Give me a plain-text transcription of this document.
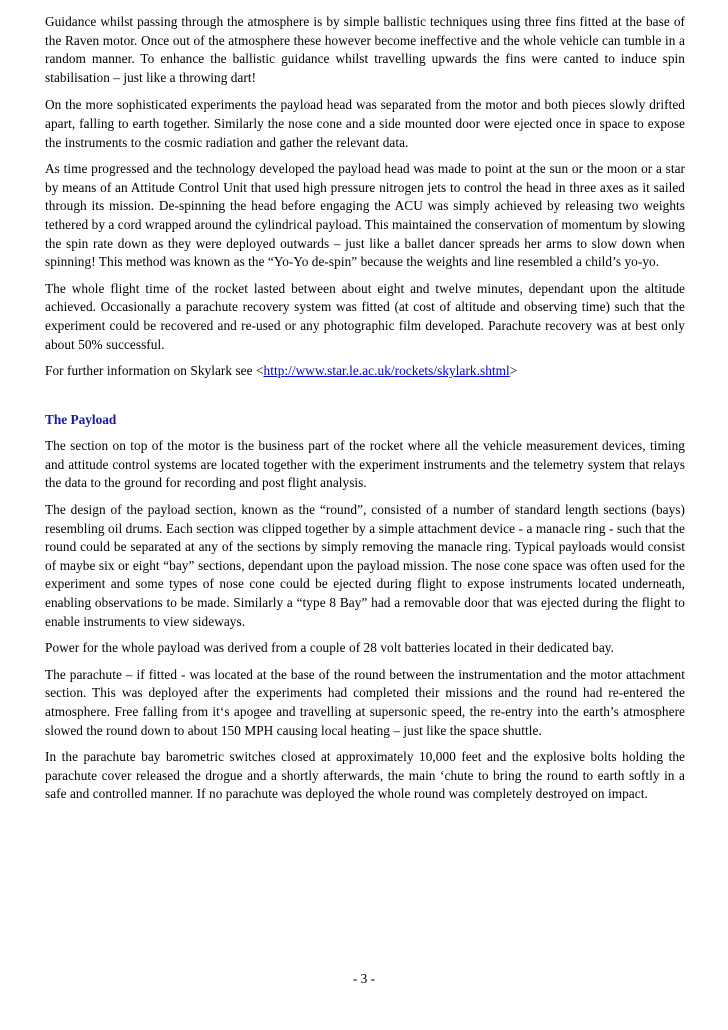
Guidance whilst passing through the atmosphere is by simple ballistic techniques using three fins fitted at the base of the Raven motor. Once out of the atmosphere these however become ineffective and the whole vehicle can tumble in a random manner. To enhance the ballistic guidance whilst travelling upwards the fins were canted to induce spin stabilisation – just like a throwing dart!

On the more sophisticated experiments the payload head was separated from the motor and both pieces slowly drifted apart, falling to earth together. Similarly the nose cone and a side mounted door were ejected once in space to expose the instruments to the cosmic radiation and gather the relevant data.

As time progressed and the technology developed the payload head was made to point at the sun or the moon or a star by means of an Attitude Control Unit that used high pressure nitrogen jets to control the head in three axes as it sailed through its mission. De-spinning the head before engaging the ACU was simply achieved by releasing two weights tethered by a cord wrapped around the cylindrical payload. This maintained the conservation of momentum by slowing the spin rate down as they were deployed outwards – just like a ballet dancer spreads her arms to slow down when spinning! This method was known as the “Yo-Yo de-spin” because the weights and line resembled a child’s yo-yo.

The whole flight time of the rocket lasted between about eight and twelve minutes, dependant upon the altitude achieved. Occasionally a parachute recovery system was fitted (at cost of altitude and observing time) such that the experiment could be recovered and re-used or any photographic film developed. Parachute recovery was at best only about 50% successful.

For further information on Skylark see <http://www.star.le.ac.uk/rockets/skylark.shtml>

The Payload

The section on top of the motor is the business part of the rocket where all the vehicle measurement devices, timing and attitude control systems are located together with the experiment instruments and the telemetry system that relays the data to the ground for recording and post flight analysis.

The design of the payload section, known as the “round”, consisted of a number of standard length sections (bays) resembling oil drums. Each section was clipped together by a simple attachment device - a manacle ring - such that the round could be separated at any of the sections by simply removing the manacle ring. Typical payloads would consist of maybe six or eight “bay” sections, dependant upon the payload mission. The nose cone space was often used for the experiment and some types of nose cone could be ejected during flight to expose instruments located underneath, enabling observations to be made. Similarly a “type 8 Bay” had a removable door that was ejected during the flight to enable instruments to view sideways.

Power for the whole payload was derived from a couple of 28 volt batteries located in their dedicated bay.

The parachute – if fitted - was located at the base of the round between the instrumentation and the motor attachment section. This was deployed after the experiments had completed their missions and the round had re-entered the atmosphere. Free falling from it‘s apogee and travelling at supersonic speed, the re-entry into the earth’s atmosphere slowed the round down to about 150 MPH causing local heating – just like the space shuttle.

In the parachute bay barometric switches closed at approximately 10,000 feet and the explosive bolts holding the parachute cover released the drogue and a shortly afterwards, the main ‘chute to bring the round to earth softly in a safe and controlled manner. If no parachute was deployed the whole round was completely destroyed on impact.

- 3 -
